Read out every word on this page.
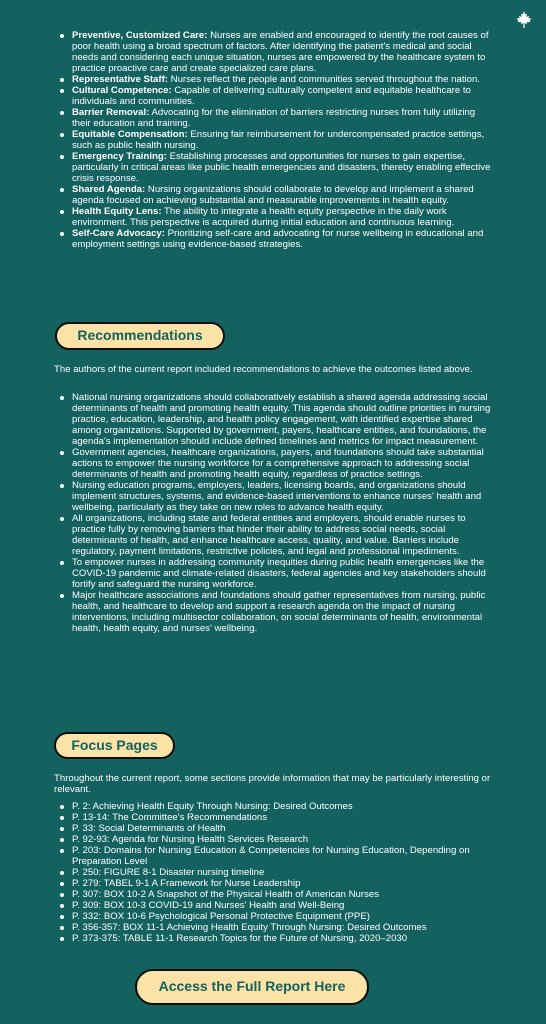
Preventive, Customized Care: Nurses are enabled and encouraged to identify the root causes of poor health using a broad spectrum of factors. After identifying the patient's medical and social needs and considering each unique situation, nurses are empowered by the healthcare system to practice proactive care and create specialized care plans.
Representative Staff: Nurses reflect the people and communities served throughout the nation.
Cultural Competence: Capable of delivering culturally competent and equitable healthcare to individuals and communities.
Barrier Removal: Advocating for the elimination of barriers restricting nurses from fully utilizing their education and training.
Equitable Compensation: Ensuring fair reimbursement for undercompensated practice settings, such as public health nursing.
Emergency Training: Establishing processes and opportunities for nurses to gain expertise, particularly in critical areas like public health emergencies and disasters, thereby enabling effective crisis response.
Shared Agenda: Nursing organizations should collaborate to develop and implement a shared agenda focused on achieving substantial and measurable improvements in health equity.
Health Equity Lens: The ability to integrate a health equity perspective in the daily work environment. This perspective is acquired during initial education and continuous learning.
Self-Care Advocacy: Prioritizing self-care and advocating for nurse wellbeing in educational and employment settings using evidence-based strategies.
Recommendations
The authors of the current report included recommendations to achieve the outcomes listed above.
National nursing organizations should collaboratively establish a shared agenda addressing social determinants of health and promoting health equity. This agenda should outline priorities in nursing practice, education, leadership, and health policy engagement, with identified expertise shared among organizations. Supported by government, payers, healthcare entities, and foundations, the agenda's implementation should include defined timelines and metrics for impact measurement.
Government agencies, healthcare organizations, payers, and foundations should take substantial actions to empower the nursing workforce for a comprehensive approach to addressing social determinants of health and promoting health equity, regardless of practice settings.
Nursing education programs, employers, leaders, licensing boards, and organizations should implement structures, systems, and evidence-based interventions to enhance nurses' health and wellbeing, particularly as they take on new roles to advance health equity.
All organizations, including state and federal entities and employers, should enable nurses to practice fully by removing barriers that hinder their ability to address social needs, social determinants of health, and enhance healthcare access, quality, and value. Barriers include regulatory, payment limitations, restrictive policies, and legal and professional impediments.
To empower nurses in addressing community inequities during public health emergencies like the COVID-19 pandemic and climate-related disasters, federal agencies and key stakeholders should fortify and safeguard the nursing workforce.
Major healthcare associations and foundations should gather representatives from nursing, public health, and healthcare to develop and support a research agenda on the impact of nursing interventions, including multisector collaboration, on social determinants of health, environmental health, health equity, and nurses' wellbeing.
Focus Pages
Throughout the current report, some sections provide information that may be particularly interesting or relevant.
P. 2: Achieving Health Equity Through Nursing: Desired Outcomes
P. 13-14: The Committee's Recommendations
P. 33: Social Determinants of Health
P. 92-93: Agenda for Nursing Health Services Research
P. 203: Domains for Nursing Education & Competencies for Nursing Education, Depending on Preparation Level
P. 250: FIGURE 8-1 Disaster nursing timeline
P. 279: TABEL 9-1 A Framework for Nurse Leadership
P. 307: BOX 10-2 A Snapshot of the Physical Health of American Nurses
P. 309: BOX 10-3 COVID-19 and Nurses' Health and Well-Being
P. 332: BOX 10-6 Psychological Personal Protective Equipment (PPE)
P. 356-357: BOX 11-1 Achieving Health Equity Through Nursing: Desired Outcomes
P. 373-375: TABLE 11-1 Research Topics for the Future of Nursing, 2020–2030
Access the Full Report Here
